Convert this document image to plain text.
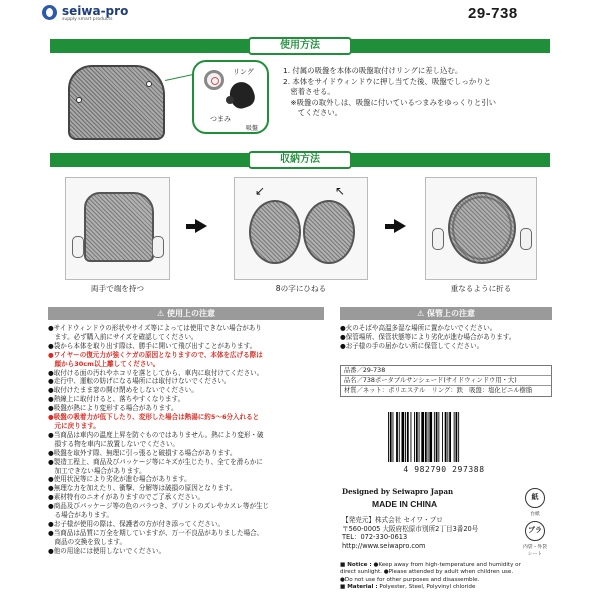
seiwa-pro
supply smart products	29-738
使用方法
リング
つまみ
吸盤
1. 付属の吸盤を本体の吸盤取付けリングに差し込む。
2. 本体をサイドウィンドウに押し当てた後、吸盤でしっかりと
　密着させる。
　※吸盤の取外しは、吸盤に付いているつまみをゆっくりと引い
　　てください。
収納方法
両手で端を持つ
↙	↖
8の字にひねる	重なるように折る
⚠ 使用上の注意
●サイドウィンドウの形状やサイズ等によっては使用できない場合があり
　ます。必ず購入前にサイズを確認してください。
●袋から本体を取り出す際は、勝手に開いて飛び出すことがあります。
●ワイヤーの復元力が強くケガの原因となりますので、本体を広げる際は
　顔から30cm以上離してください。
●取付ける面の汚れやホコリを落としてから、車内に取付けてください。
●走行中、運転の妨げになる場所には取付けないでください。
●取付けたまま窓の開け閉めをしないでください。
●熱線上に取付けると、落ちやすくなります。
●吸盤が熱により変形する場合があります。
●吸盤の吸着力が低下したり、変形した場合は熱湯に約5～6分入れると
　元に戻ります。
●当商品は車内の温度上昇を防ぐものではありません。熱により変形・破
　損する物を車内に放置しないでください。
●吸盤を取外す際、無理に引っ張ると破損する場合があります。
●製造工程上、商品及びパッケージ等にキズが生じたり、全てを滑らかに
　加工できない場合があります。
●使用状況等により劣化が進む場合があります。
●無理な力を加えたり、衝撃、分解等は破損の原因となります。
●素材特有のニオイがありますのでご了承ください。
●商品及びパッケージ等の色のバラつき、プリントのズレやカスレ等が生じ
　る場合があります。
●お子様が使用の際は、保護者の方が付き添ってください。
●当商品は品質に万全を期していますが、万一不良品がありました場合、
　商品の交換を致します。
●他の用途には使用しないでください。
⚠ 保管上の注意
●火のそばや高温多湿な場所に置かないでください。
●保管場所、保管状態等により劣化が進む場合があります。
●お子様の手の届かない所に保管してください。
品番／29-738
品名／738ポータブルサンシェード(サイドウィンドウ用・大)
材質／ネット：ポリエステル　リング：鉄　吸盤：塩化ビニル樹脂
4 982790 297388
Designed by Seiwapro Japan
MADE IN CHINA
紙
台紙
プラ
内袋・外袋
シート
【発売元】株式会社 セイワ・プロ
〒560-0005 大阪府松原市別所2丁目3番20号
TEL：072-330-0613
http://www.seiwapro.com
■ Notice : ●Keep away from high-temperature and humidity or
direct sunlight. ●Please attended by adult when children use.
●Do not use for other purposes and disassemble.
■ Material : Polyester, Steel, Polyvinyl chloride
